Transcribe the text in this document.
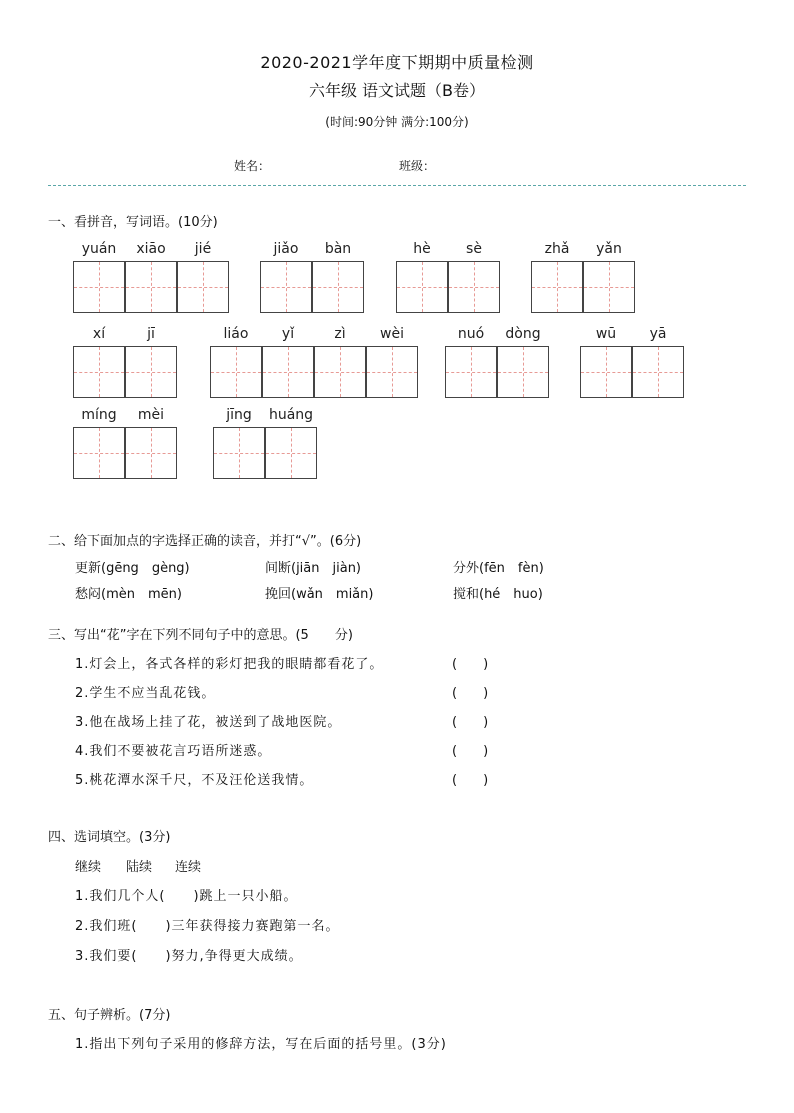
2020-2021学年度下期期中质量检测
六年级 语文试题（B卷）
(时间:90分钟 满分:100分)
姓名：	班级：
一、看拼音，写词语。(10分)
yuán	xiāo	jié	jiǎo	bàn	hè	sè	zhǎ	yǎn
xí	jī	liáo	yǐ	zì	wèi	nuó	dòng	wū	yā
míng	mèi	jīng	huáng
二、给下面加点的字选择正确的读音，并打“√”。(6分)
更新(gēng　gèng)	间断(jiān　jiàn)	分外(fēn　fèn)
愁闷(mèn　mēn)	挽回(wǎn　miǎn)	搅和(hé　huo)
三、写出“花”字在下列不同句子中的意思。(5　　分)
1.灯会上，各式各样的彩灯把我的眼睛都看花了。	(　　)
2.学生不应当乱花钱。	(　　)
3.他在战场上挂了花，被送到了战地医院。	(　　)
4.我们不要被花言巧语所迷惑。	(　　)
5.桃花潭水深千尺，不及汪伦送我情。	(　　)
四、选词填空。(3分)
继续 陆续 连续
1.我们几个人(　　)跳上一只小船。
2.我们班(　　)三年获得接力赛跑第一名。
3.我们要(　　)努力,争得更大成绩。
五、句子辨析。(7分)
1.指出下列句子采用的修辞方法，写在后面的括号里。(3分)
